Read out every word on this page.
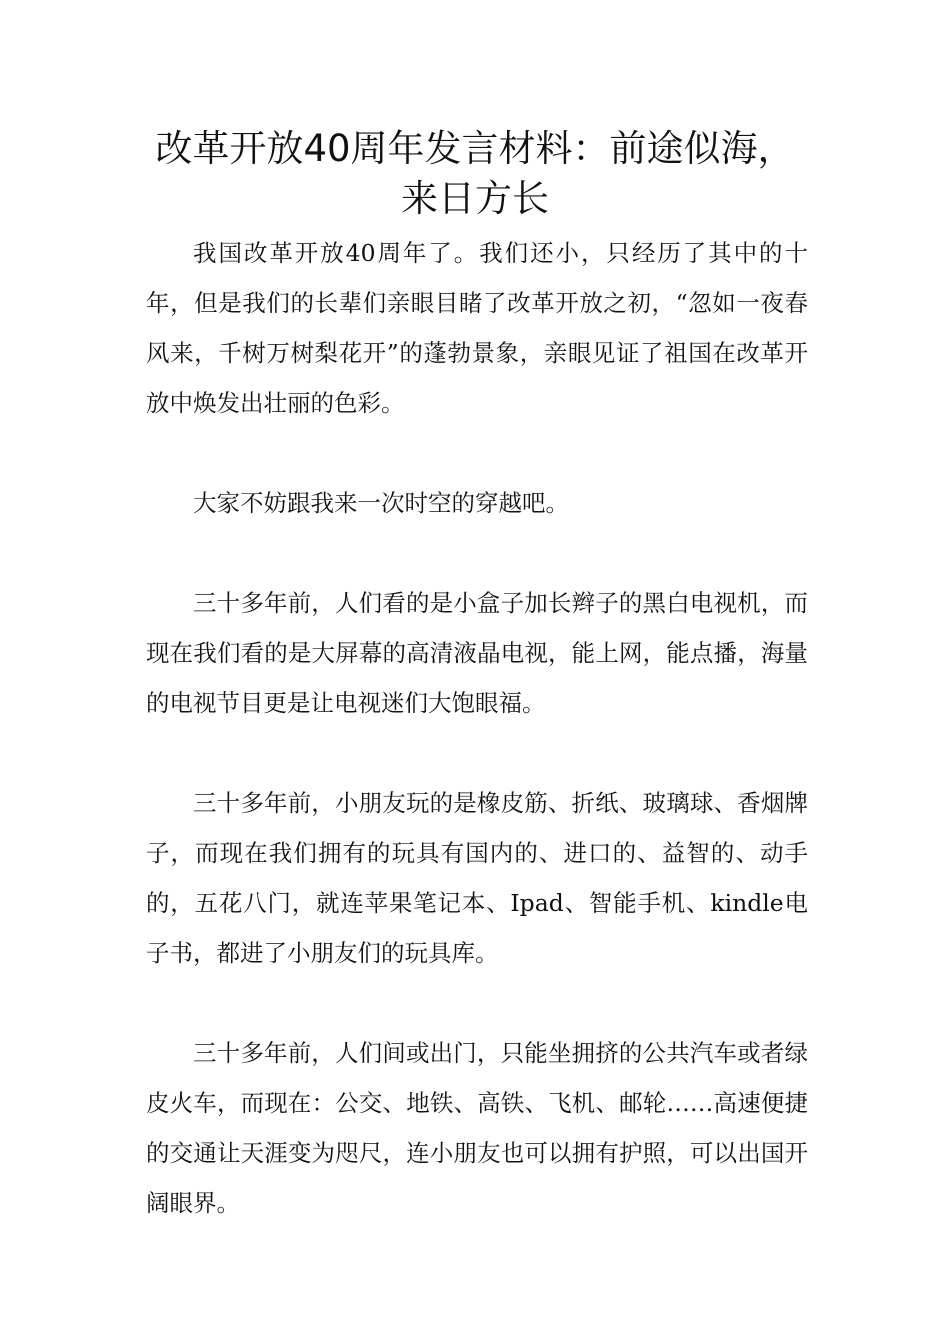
改革开放40周年发言材料：前途似海，来日方长

我国改革开放40周年了。我们还小，只经历了其中的十年，但是我们的长辈们亲眼目睹了改革开放之初，“忽如一夜春风来，千树万树梨花开”的蓬勃景象，亲眼见证了祖国在改革开放中焕发出壮丽的色彩。

大家不妨跟我来一次时空的穿越吧。

三十多年前，人们看的是小盒子加长辫子的黑白电视机，而现在我们看的是大屏幕的高清液晶电视，能上网，能点播，海量的电视节目更是让电视迷们大饱眼福。

三十多年前，小朋友玩的是橡皮筋、折纸、玻璃球、香烟牌子，而现在我们拥有的玩具有国内的、进口的、益智的、动手的，五花八门，就连苹果笔记本、Ipad、智能手机、kindle电子书，都进了小朋友们的玩具库。

三十多年前，人们间或出门，只能坐拥挤的公共汽车或者绿皮火车，而现在：公交、地铁、高铁、飞机、邮轮……高速便捷的交通让天涯变为咫尺，连小朋友也可以拥有护照，可以出国开阔眼界。
